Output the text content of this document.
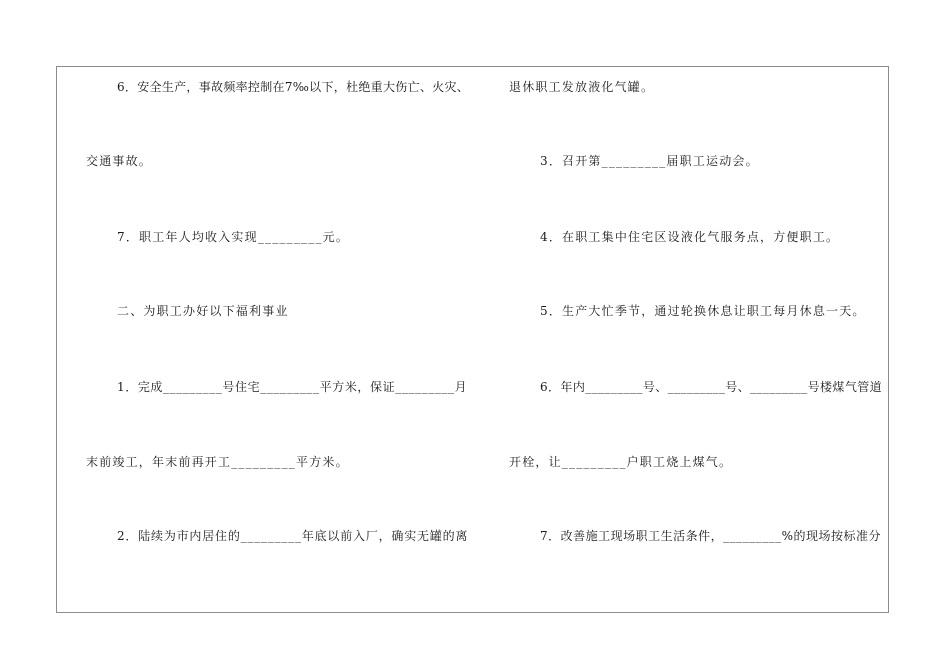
6．安全生产，事故频率控制在7‰以下，杜绝重大伤亡、火灾、
交通事故。
7．职工年人均收入实现_________元。
二、为职工办好以下福利事业
1．完成_________号住宅_________平方米，保证_________月
末前竣工，年末前再开工_________平方米。
2．陆续为市内居住的_________年底以前入厂，确实无罐的离
退休职工发放液化气罐。
3．召开第_________届职工运动会。
4．在职工集中住宅区设液化气服务点，方便职工。
5．生产大忙季节，通过轮换休息让职工每月休息一天。
6．年内_________号、_________号、_________号楼煤气管道
开栓，让_________户职工烧上煤气。
7．改善施工现场职工生活条件，_________%的现场按标准分
